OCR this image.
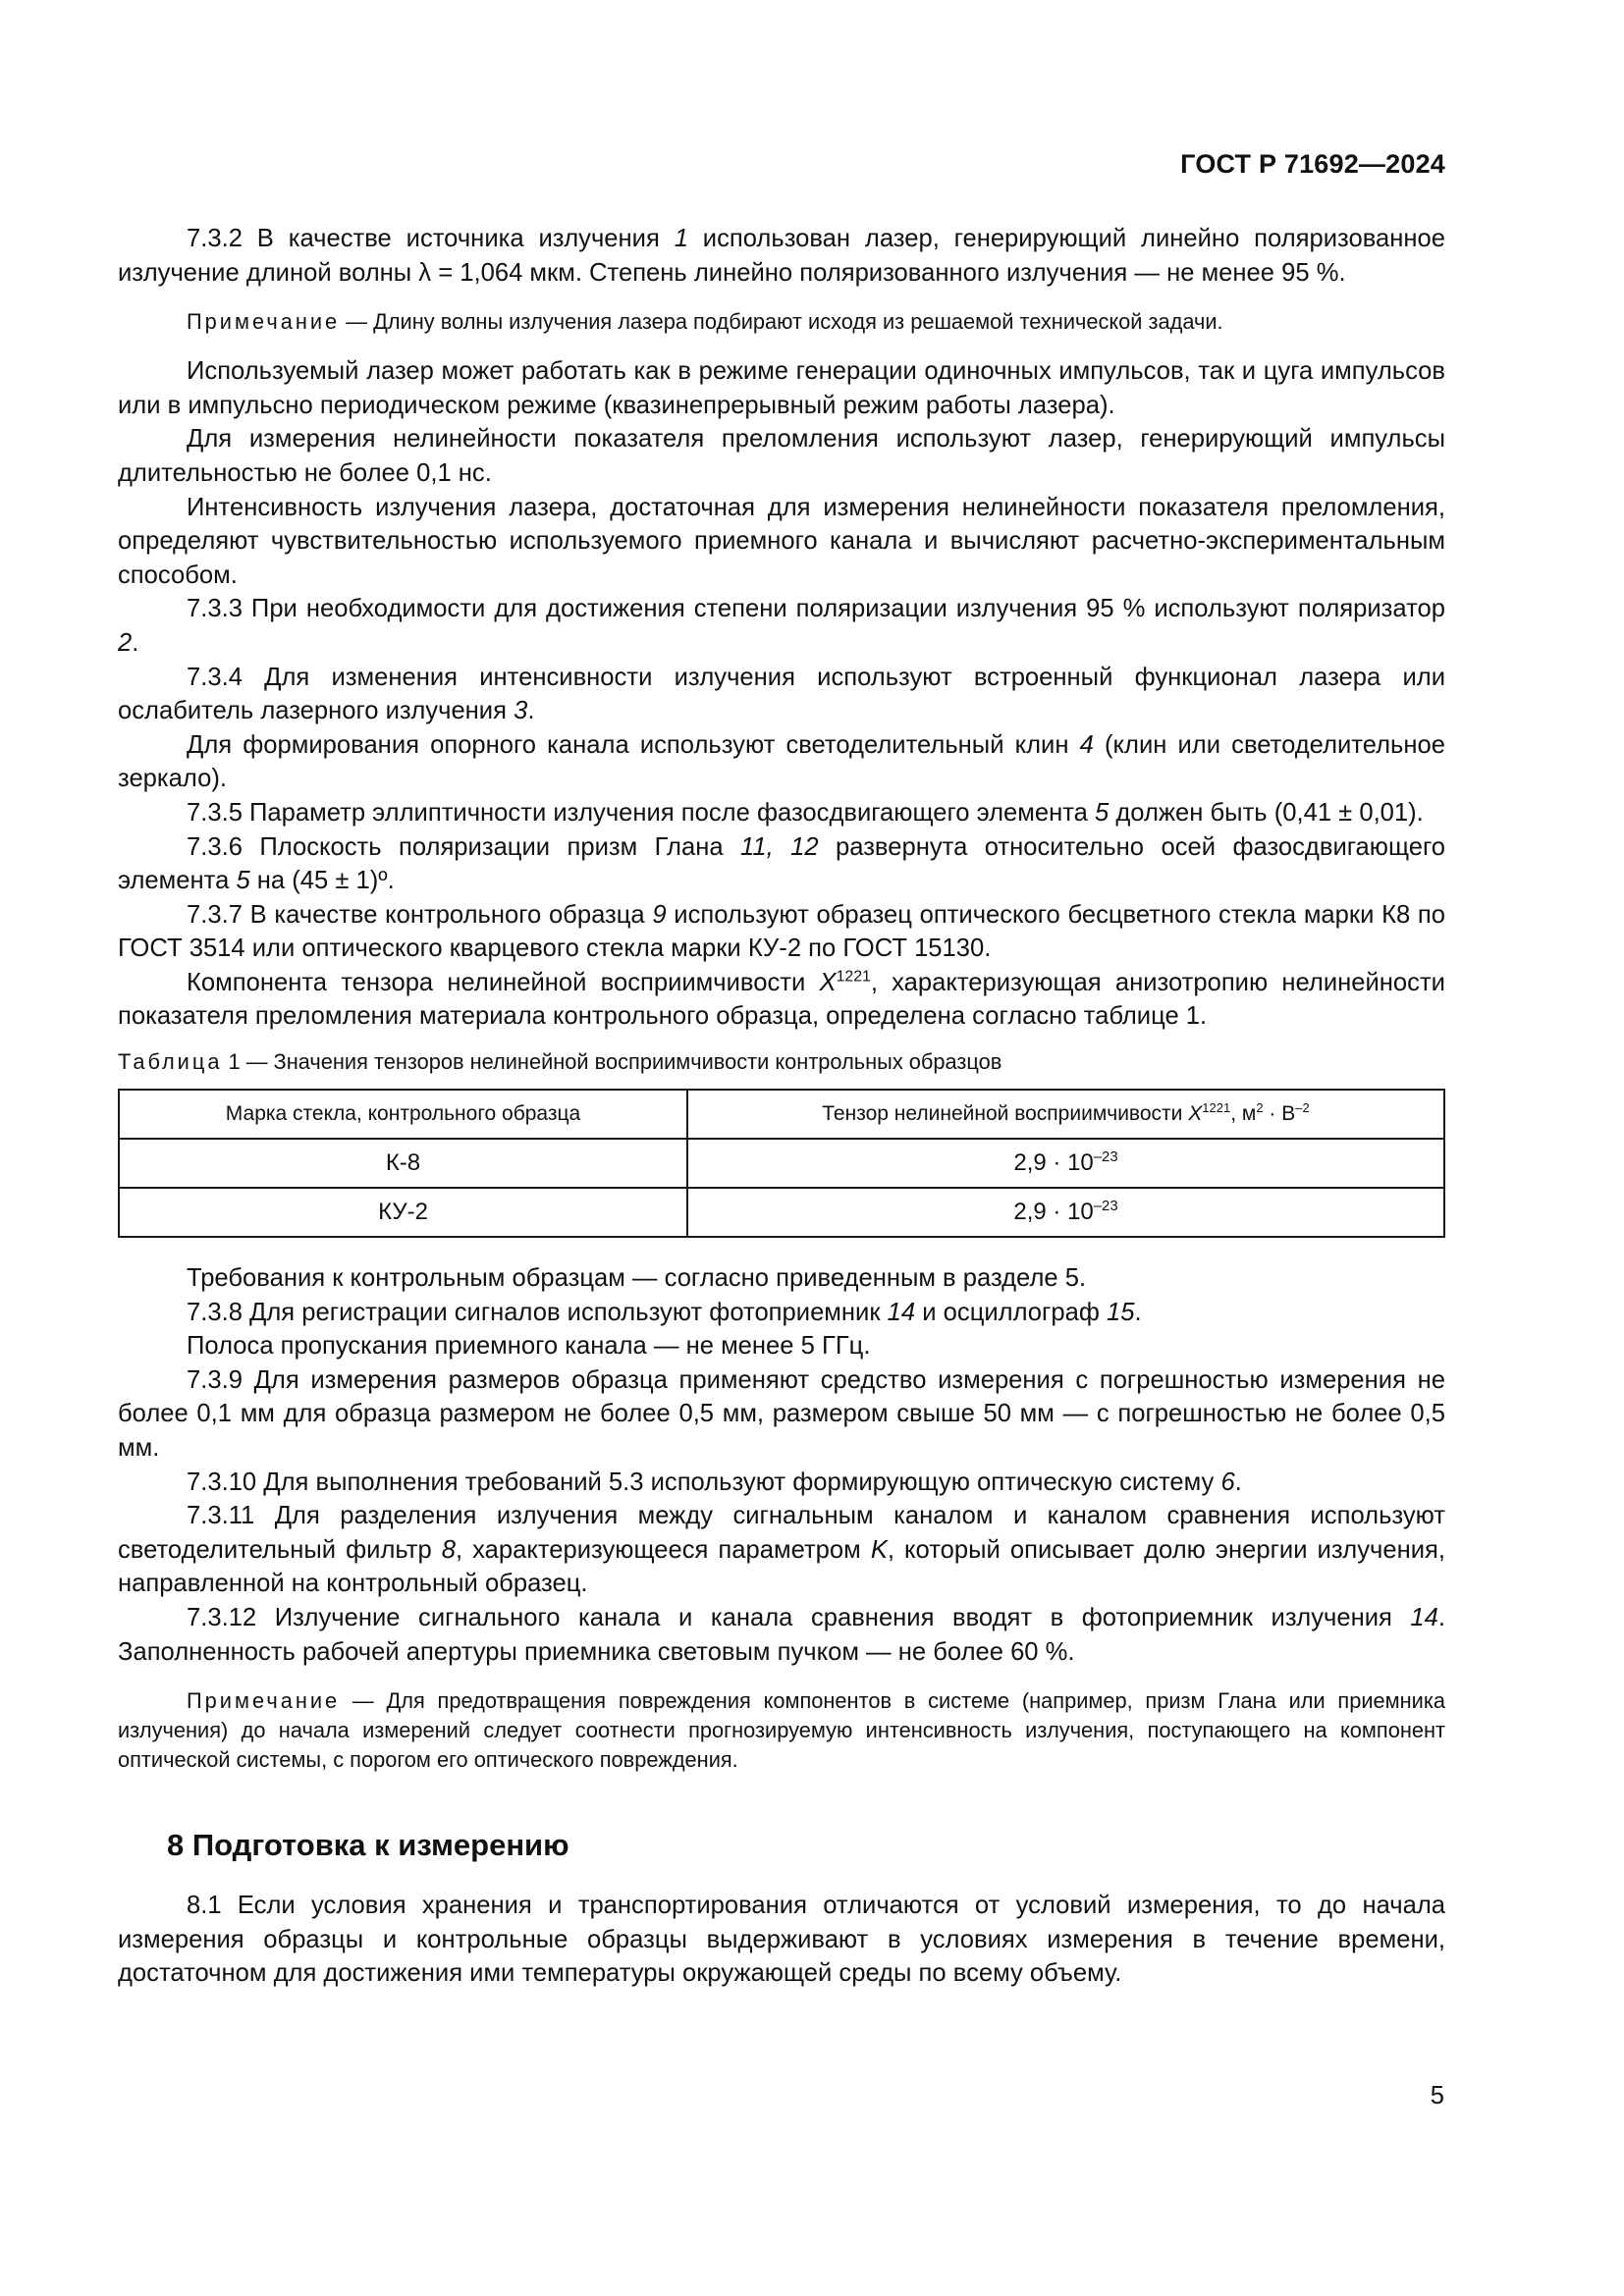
ГОСТ Р 71692—2024

7.3.2 В качестве источника излучения 1 использован лазер, генерирующий линейно поляризованное излучение длиной волны λ = 1,064 мкм. Степень линейно поляризованного излучения — не менее 95 %.

Примечание — Длину волны излучения лазера подбирают исходя из решаемой технической задачи.

Используемый лазер может работать как в режиме генерации одиночных импульсов, так и цуга импульсов или в импульсно периодическом режиме (квазинепрерывный режим работы лазера).

Для измерения нелинейности показателя преломления используют лазер, генерирующий импульсы длительностью не более 0,1 нс.

Интенсивность излучения лазера, достаточная для измерения нелинейности показателя преломления, определяют чувствительностью используемого приемного канала и вычисляют расчетно-экспериментальным способом.

7.3.3 При необходимости для достижения степени поляризации излучения 95 % используют поляризатор 2.

7.3.4 Для изменения интенсивности излучения используют встроенный функционал лазера или ослабитель лазерного излучения 3.

Для формирования опорного канала используют светоделительный клин 4 (клин или светоделительное зеркало).

7.3.5 Параметр эллиптичности излучения после фазосдвигающего элемента 5 должен быть (0,41 ± 0,01).

7.3.6 Плоскость поляризации призм Глана 11, 12 развернута относительно осей фазосдвигающего элемента 5 на (45 ± 1)º.

7.3.7 В качестве контрольного образца 9 используют образец оптического бесцветного стекла марки К8 по ГОСТ 3514 или оптического кварцевого стекла марки КУ-2 по ГОСТ 15130.

Компонента тензора нелинейной восприимчивости $X^{1221}$, характеризующая анизотропию нелинейности показателя преломления материала контрольного образца, определена согласно таблице 1.

Таблица 1 — Значения тензоров нелинейной восприимчивости контрольных образцов
Марка стекла, контрольного образца	Тензор нелинейной восприимчивости $X^{1221}$, $м^2 \cdot В^{-2}$
К-8	$2,9 \cdot 10^{-23}$
КУ-2	$2,9 \cdot 10^{-23}$

Требования к контрольным образцам — согласно приведенным в разделе 5.

7.3.8 Для регистрации сигналов используют фотоприемник 14 и осциллограф 15.

Полоса пропускания приемного канала — не менее 5 ГГц.

7.3.9 Для измерения размеров образца применяют средство измерения с погрешностью измерения не более 0,1 мм для образца размером не более 0,5 мм, размером свыше 50 мм — с погрешностью не более 0,5 мм.

7.3.10 Для выполнения требований 5.3 используют формирующую оптическую систему 6.

7.3.11 Для разделения излучения между сигнальным каналом и каналом сравнения используют светоделительный фильтр 8, характеризующееся параметром K, который описывает долю энергии излучения, направленной на контрольный образец.

7.3.12 Излучение сигнального канала и канала сравнения вводят в фотоприемник излучения 14. Заполненность рабочей апертуры приемника световым пучком — не более 60 %.

Примечание — Для предотвращения повреждения компонентов в системе (например, призм Глана или приемника излучения) до начала измерений следует соотнести прогнозируемую интенсивность излучения, поступающего на компонент оптической системы, с порогом его оптического повреждения.

8 Подготовка к измерению

8.1 Если условия хранения и транспортирования отличаются от условий измерения, то до начала измерения образцы и контрольные образцы выдерживают в условиях измерения в течение времени, достаточном для достижения ими температуры окружающей среды по всему объему.

5
